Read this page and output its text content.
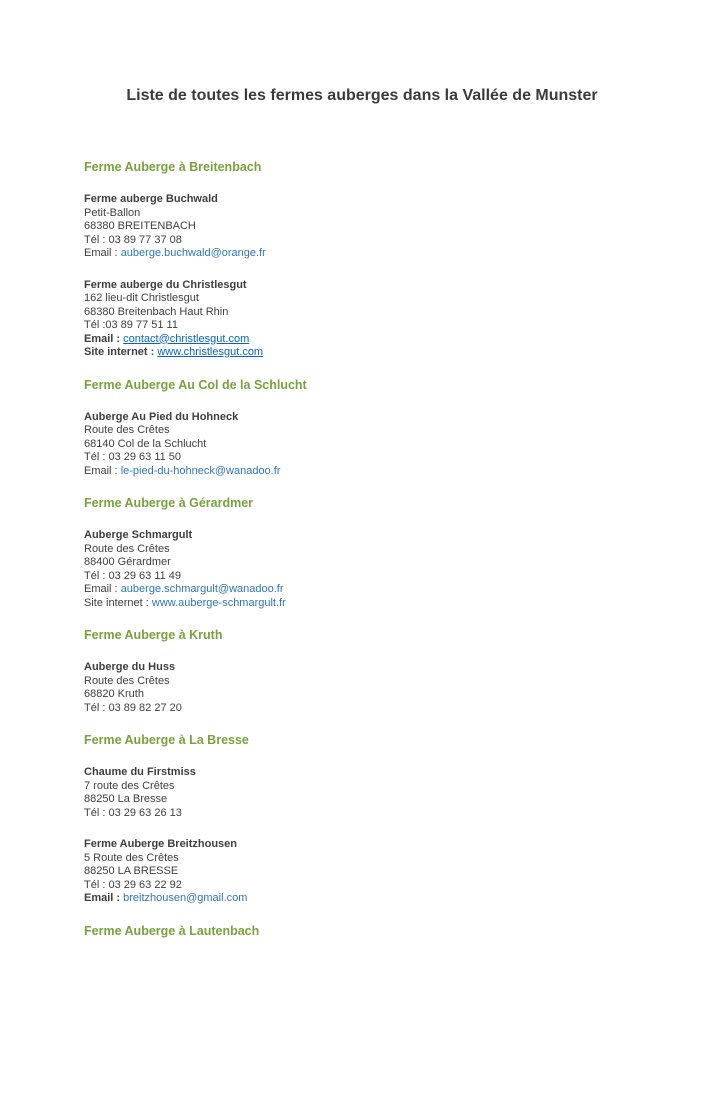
Liste de toutes les fermes auberges dans la Vallée de Munster
Ferme Auberge à Breitenbach

Ferme auberge Buchwald

Petit-Ballon

68380 BREITENBACH

Tél : 03 89 77 37 08

Email : auberge.buchwald@orange.fr

Ferme auberge du Christlesgut

162 lieu-dit Christlesgut

68380 Breitenbach Haut Rhin

Tél :03 89 77 51 11

Email : contact@christlesgut.com

Site internet : www.christlesgut.com

Ferme Auberge Au Col de la Schlucht

Auberge Au Pied du Hohneck

Route des Crêtes

68140 Col de la Schlucht

Tél : 03 29 63 11 50

Email : le-pied-du-hohneck@wanadoo.fr

Ferme Auberge à Gérardmer

Auberge Schmargult

Route des Crêtes

88400 Gérardmer

Tél : 03 29 63 11 49

Email : auberge.schmargult@wanadoo.fr

Site internet : www.auberge-schmargult.fr

Ferme Auberge à Kruth

Auberge du Huss

Route des Crêtes

68820 Kruth

Tél : 03 89 82 27 20

Ferme Auberge à La Bresse

Chaume du Firstmiss

7 route des Crêtes

88250 La Bresse

Tél : 03 29 63 26 13

Ferme Auberge Breitzhousen

5 Route des Crêtes

88250 LA BRESSE

Tél : 03 29 63 22 92

Email : breitzhousen@gmail.com

Ferme Auberge à Lautenbach
